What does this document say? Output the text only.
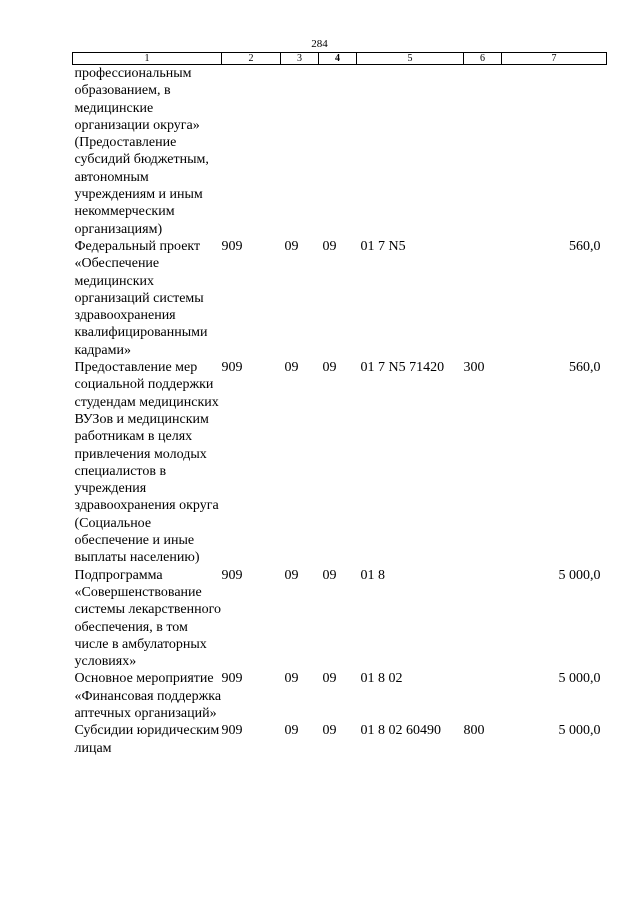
284
1	2	3	4	5	6	7
профессиональным образованием, в медицинские организации округа» (Предоставление субсидий бюджетным, автономным учреждениям и иным некоммерческим организациям)						
Федеральный проект «Обеспечение медицинских организаций системы здравоохранения квалифицированными кадрами»	909	09	09	01 7 N5		560,0
Предоставление мер социальной поддержки студендам медицинских ВУЗов и медицинским работникам в целях привлечения молодых специалистов в учреждения здравоохранения округа (Социальное обеспечение и иные выплаты населению)	909	09	09	01 7 N5 71420	300	560,0
Подпрограмма «Совершенствование системы лекарственного обеспечения, в том числе в амбулаторных условиях»	909	09	09	01 8		5 000,0
Основное мероприятие «Финансовая поддержка аптечных организаций»	909	09	09	01 8 02		5 000,0
Субсидии юридическим лицам	909	09	09	01 8 02 60490	800	5 000,0
